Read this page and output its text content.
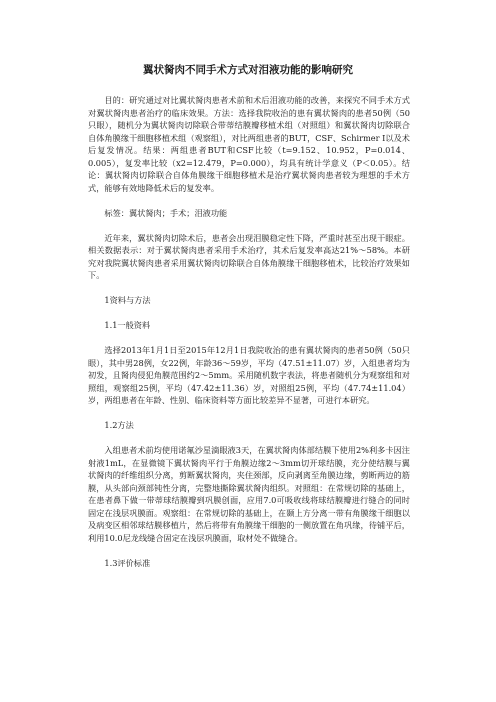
翼状胬肉不同手术方式对泪液功能的影响研究

目的：研究通过对比翼状胬肉患者术前和术后泪液功能的改善，来探究不同手术方式对翼状胬肉患者治疗的临床效果。方法：选择我院收治的患有翼状胬肉的患者50例（50只眼），随机分为翼状胬肉切除联合带蒂结膜瓣移植术组（对照组）和翼状胬肉切除联合自体角膜缘干细胞移植术组（观察组），对比两组患者的BUT，CSF、Schirmer I以及术后复发情况。结果：两组患者BUT和CSF比较（t=9.152、10.952，P=0.014、0.005），复发率比较（x2=12.479，P=0.000），均具有统计学意义（P＜0.05）。结论：翼状胬肉切除联合自体角膜缘干细胞移植术是治疗翼状胬肉患者较为理想的手术方式，能够有效地降低术后的复发率。

标签：翼状胬肉；手术；泪液功能

近年来，翼状胬肉切除术后，患者会出现泪膜稳定性下降，严重时甚至出现干眼症。相关数据表示：对于翼状胬肉患者采用手术治疗，其术后复发率高达21%～58%。本研究对我院翼状胬肉患者采用翼状胬肉切除联合自体角膜缘干细胞移植术，比较治疗效果如下。

1资料与方法

1.1一般资料

选择2013年1月1日至2015年12月1日我院收治的患有翼状胬肉的患者50例（50只眼），其中男28例，女22例，年龄36～59岁，平均（47.51±11.07）岁，入组患者均为初发，且胬肉侵犯角膜范围约2～5mm。采用随机数字表法，将患者随机分为观察组和对照组，观察组25例，平均（47.42±11.36）岁，对照组25例，平均（47.74±11.04）岁，两组患者在年龄、性别、临床资料等方面比较差异不显著，可进行本研究。

1.2方法

入组患者术前均使用诺氟沙星滴眼液3天，在翼状胬肉体部结膜下使用2%利多卡因注射液1mL，在显微镜下翼状胬肉平行于角膜边缘2～3mm切开球结膜，充分使结膜与翼状胬肉的纤维组织分离，剪断翼状胬肉，夹住颈部，反向剥离至角膜边缘，剪断两边的筋膜，从头部向颈部钝性分离，完整地撕除翼状胬肉组织。对照组：在常规切除的基础上，在患者鼻下做一带蒂球结膜瓣到巩膜创面，应用7.0可吸收线将球结膜瓣进行缝合的同时固定在浅层巩膜面。观察组：在常规切除的基础上，在颞上方分离一带有角膜缘干细胞以及病变区相邻球结膜移植片，然后将带有角膜缘干细胞的一侧放置在角巩缘，待铺平后，利用10.0尼龙线缝合固定在浅层巩膜面，取材处不做缝合。

1.3评价标准
